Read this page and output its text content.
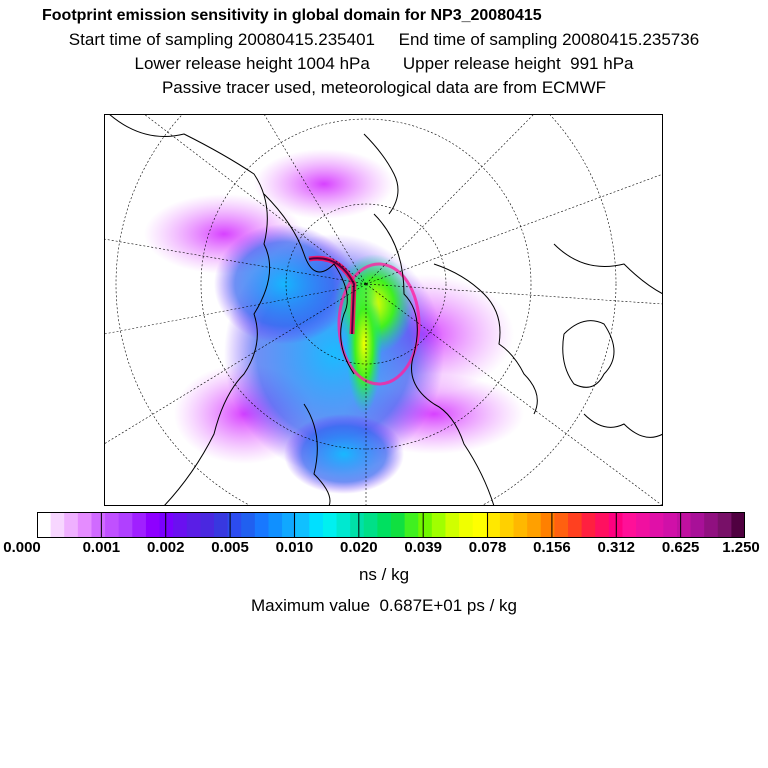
Footprint emission sensitivity in global domain for NP3_20080415
Start time of sampling 20080415.235401     End time of sampling 20080415.235736
Lower release height 1004 hPa       Upper release height  991 hPa
Passive tracer used, meteorological data are from ECMWF
0.000	0.001 0.002 0.005 0.010 0.020 0.039 0.078 0.156 0.312 0.625 1.250
ns / kg
Maximum value  0.687E+01 ps / kg
